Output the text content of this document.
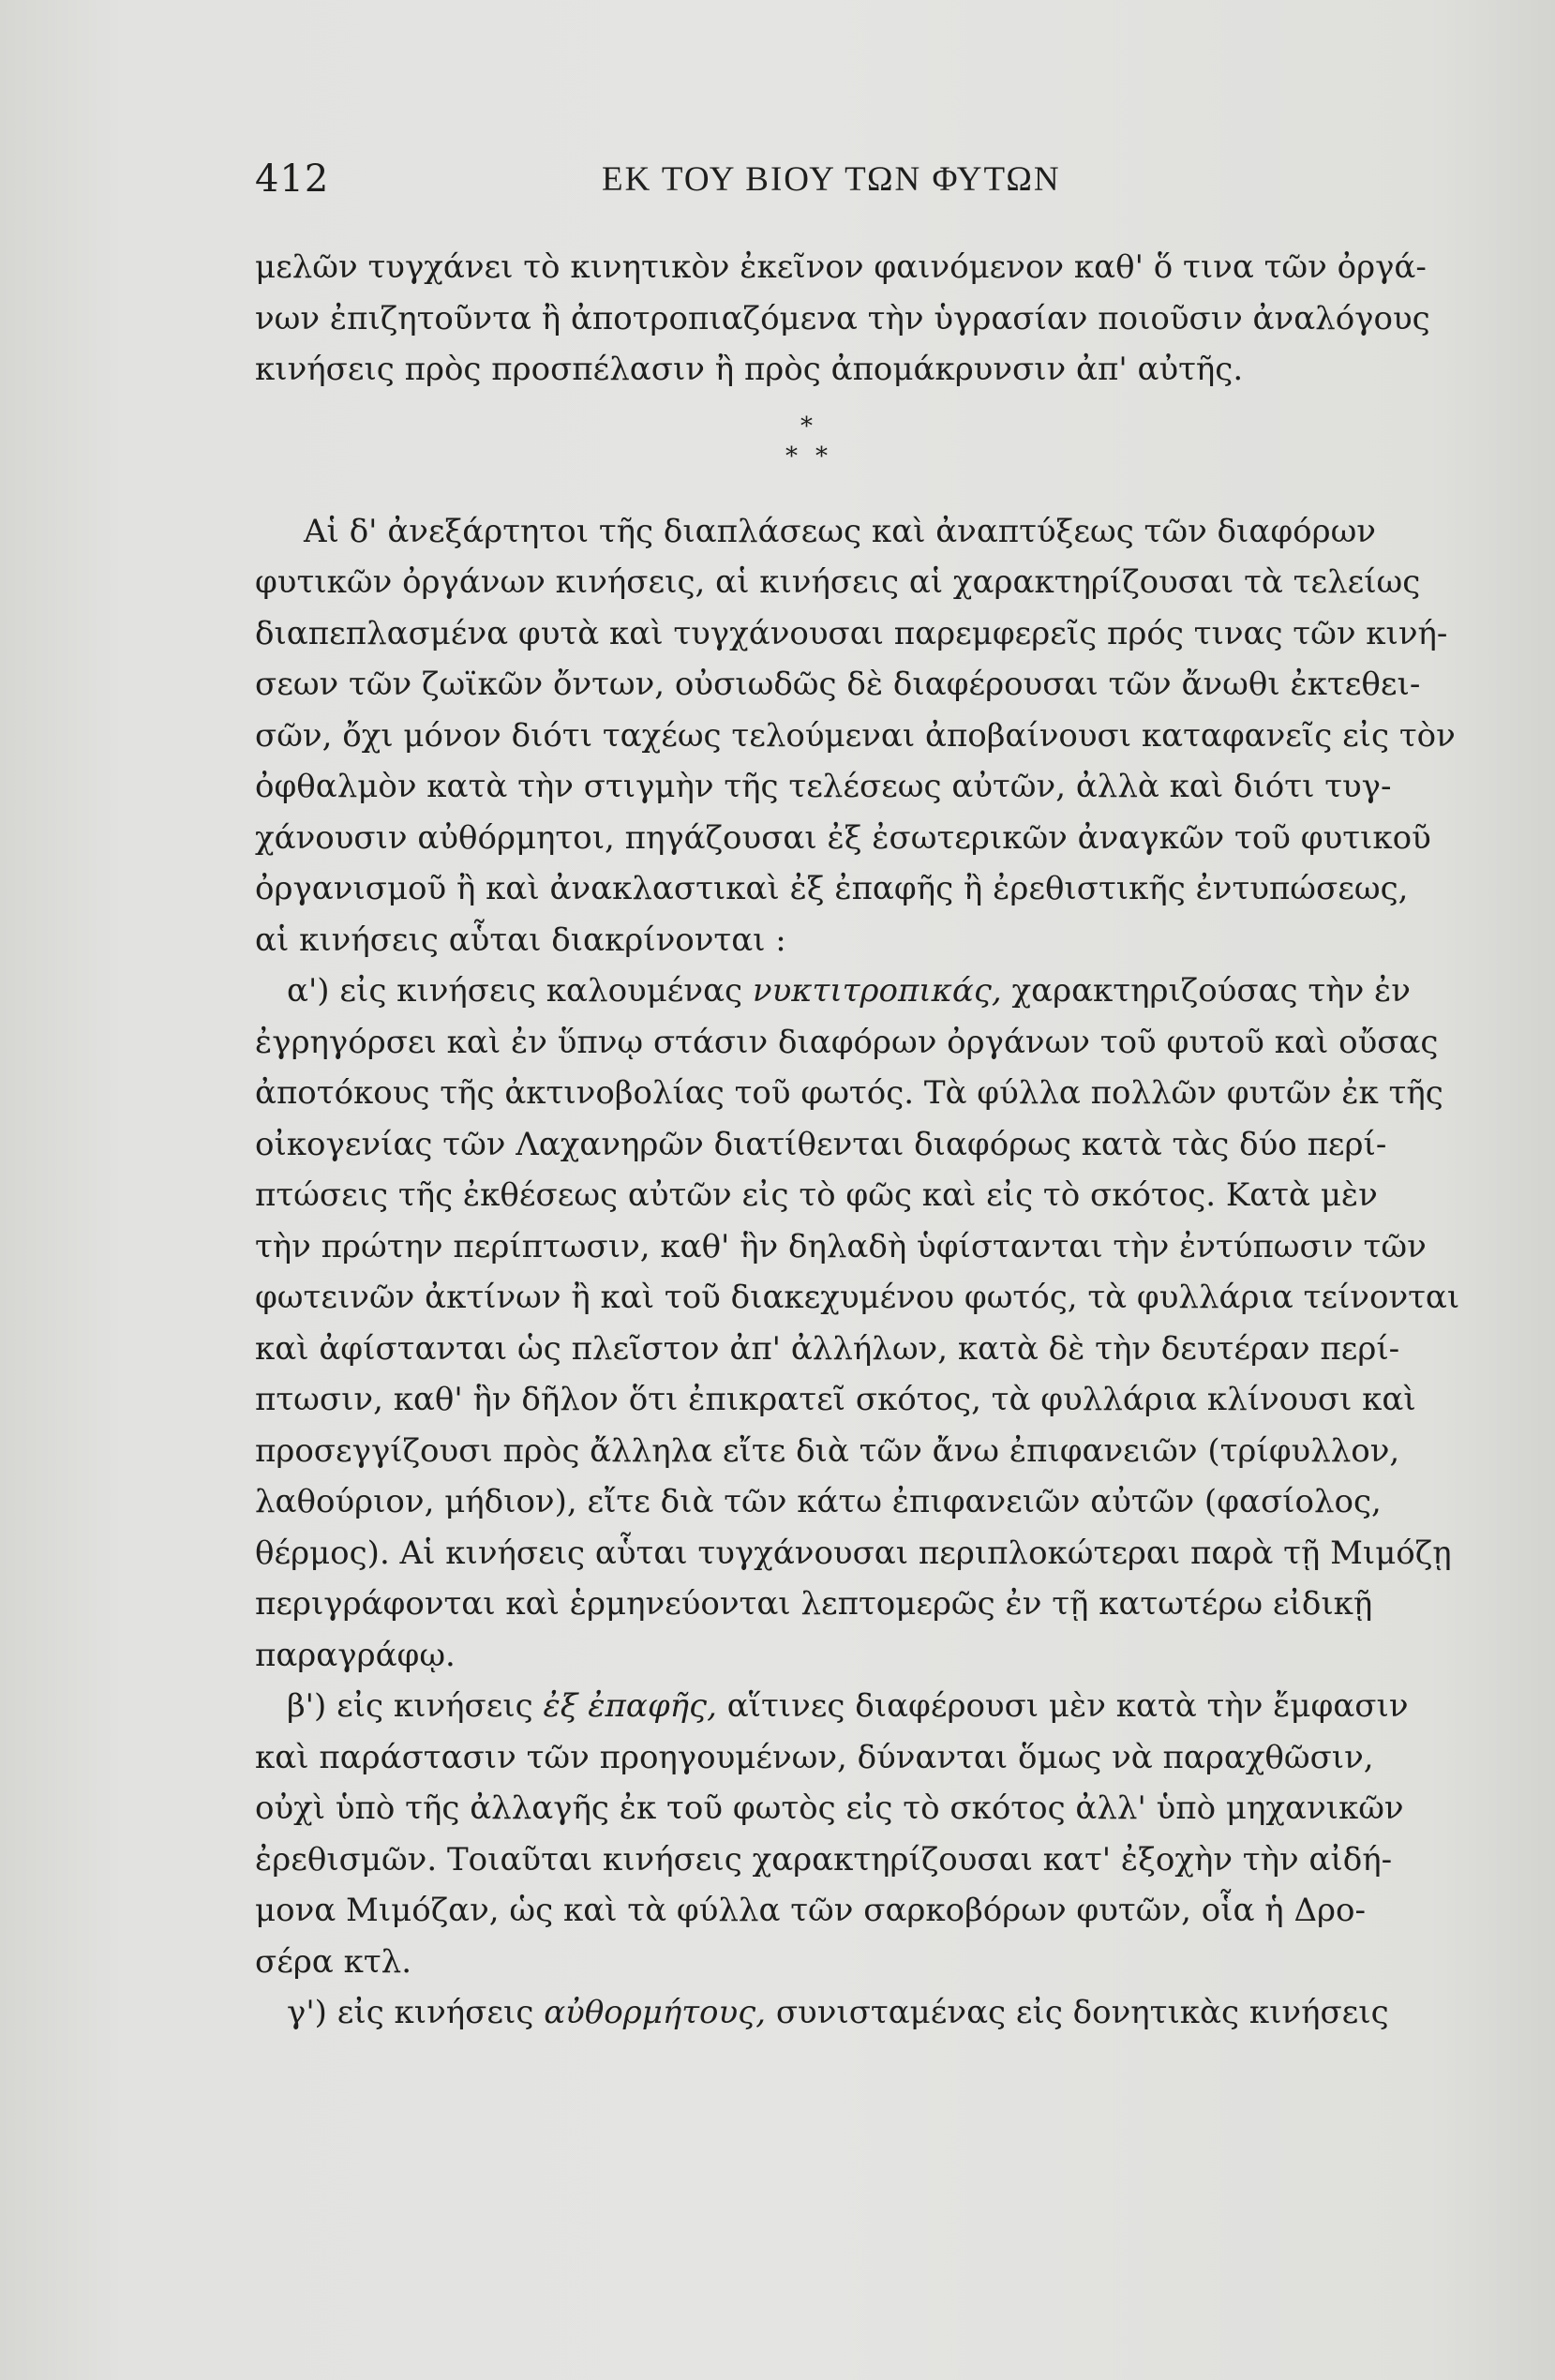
412	ΕΚ ΤΟΥ ΒΙΟΥ ΤΩΝ ΦΥΤΩΝ
μελῶν τυγχάνει τὸ κινητικὸν ἐκεῖνον φαινόμενον καθ' ὅ τινα τῶν ὀργά-
νων ἐπιζητοῦντα ἢ ἀποτροπιαζόμενα τὴν ὑγρασίαν ποιοῦσιν ἀναλόγους
κινήσεις πρὸς προσπέλασιν ἢ πρὸς ἀπομάκρυνσιν ἀπ' αὐτῆς.
*
* *
Αἱ δ' ἀνεξάρτητοι τῆς διαπλάσεως καὶ ἀναπτύξεως τῶν διαφόρων
φυτικῶν ὀργάνων κινήσεις, αἱ κινήσεις αἱ χαρακτηρίζουσαι τὰ τελείως
διαπεπλασμένα φυτὰ καὶ τυγχάνουσαι παρεμφερεῖς πρός τινας τῶν κινή-
σεων τῶν ζωϊκῶν ὄντων, οὐσιωδῶς δὲ διαφέρουσαι τῶν ἄνωθι ἐκτεθει-
σῶν, ὄχι μόνον διότι ταχέως τελούμεναι ἀποβαίνουσι καταφανεῖς εἰς τὸν
ὀφθαλμὸν κατὰ τὴν στιγμὴν τῆς τελέσεως αὐτῶν, ἀλλὰ καὶ διότι τυγ-
χάνουσιν αὐθόρμητοι, πηγάζουσαι ἐξ ἐσωτερικῶν ἀναγκῶν τοῦ φυτικοῦ
ὀργανισμοῦ ἢ καὶ ἀνακλαστικαὶ ἐξ ἐπαφῆς ἢ ἐρεθιστικῆς ἐντυπώσεως,
αἱ κινήσεις αὗται διακρίνονται :
α') εἰς κινήσεις καλουμένας νυκτιτροπικάς, χαρακτηριζούσας τὴν ἐν
ἐγρηγόρσει καὶ ἐν ὕπνῳ στάσιν διαφόρων ὀργάνων τοῦ φυτοῦ καὶ οὔσας
ἀποτόκους τῆς ἀκτινοβολίας τοῦ φωτός. Τὰ φύλλα πολλῶν φυτῶν ἐκ τῆς
οἰκογενίας τῶν Λαχανηρῶν διατίθενται διαφόρως κατὰ τὰς δύο περί-
πτώσεις τῆς ἐκθέσεως αὐτῶν εἰς τὸ φῶς καὶ εἰς τὸ σκότος. Κατὰ μὲν
τὴν πρώτην περίπτωσιν, καθ' ἣν δηλαδὴ ὑφίστανται τὴν ἐντύπωσιν τῶν
φωτεινῶν ἀκτίνων ἢ καὶ τοῦ διακεχυμένου φωτός, τὰ φυλλάρια τείνονται
καὶ ἀφίστανται ὡς πλεῖστον ἀπ' ἀλλήλων, κατὰ δὲ τὴν δευτέραν περί-
πτωσιν, καθ' ἣν δῆλον ὅτι ἐπικρατεῖ σκότος, τὰ φυλλάρια κλίνουσι καὶ
προσεγγίζουσι πρὸς ἄλληλα εἴτε διὰ τῶν ἄνω ἐπιφανειῶν (τρίφυλλον,
λαθούριον, μήδιον), εἴτε διὰ τῶν κάτω ἐπιφανειῶν αὐτῶν (φασίολος,
θέρμος). Αἱ κινήσεις αὗται τυγχάνουσαι περιπλοκώτεραι παρὰ τῇ Μιμόζῃ
περιγράφονται καὶ ἑρμηνεύονται λεπτομερῶς ἐν τῇ κατωτέρω εἰδικῇ
παραγράφῳ.
β') εἰς κινήσεις ἐξ ἐπαφῆς, αἵτινες διαφέρουσι μὲν κατὰ τὴν ἔμφασιν
καὶ παράστασιν τῶν προηγουμένων, δύνανται ὅμως νὰ παραχθῶσιν,
οὐχὶ ὑπὸ τῆς ἀλλαγῆς ἐκ τοῦ φωτὸς εἰς τὸ σκότος ἀλλ' ὑπὸ μηχανικῶν
ἐρεθισμῶν. Τοιαῦται κινήσεις χαρακτηρίζουσαι κατ' ἐξοχὴν τὴν αἰδή-
μονα Μιμόζαν, ὡς καὶ τὰ φύλλα τῶν σαρκοβόρων φυτῶν, οἷα ἡ Δρο-
σέρα κτλ.
γ') εἰς κινήσεις αὐθορμήτους, συνισταμένας εἰς δονητικὰς κινήσεις
